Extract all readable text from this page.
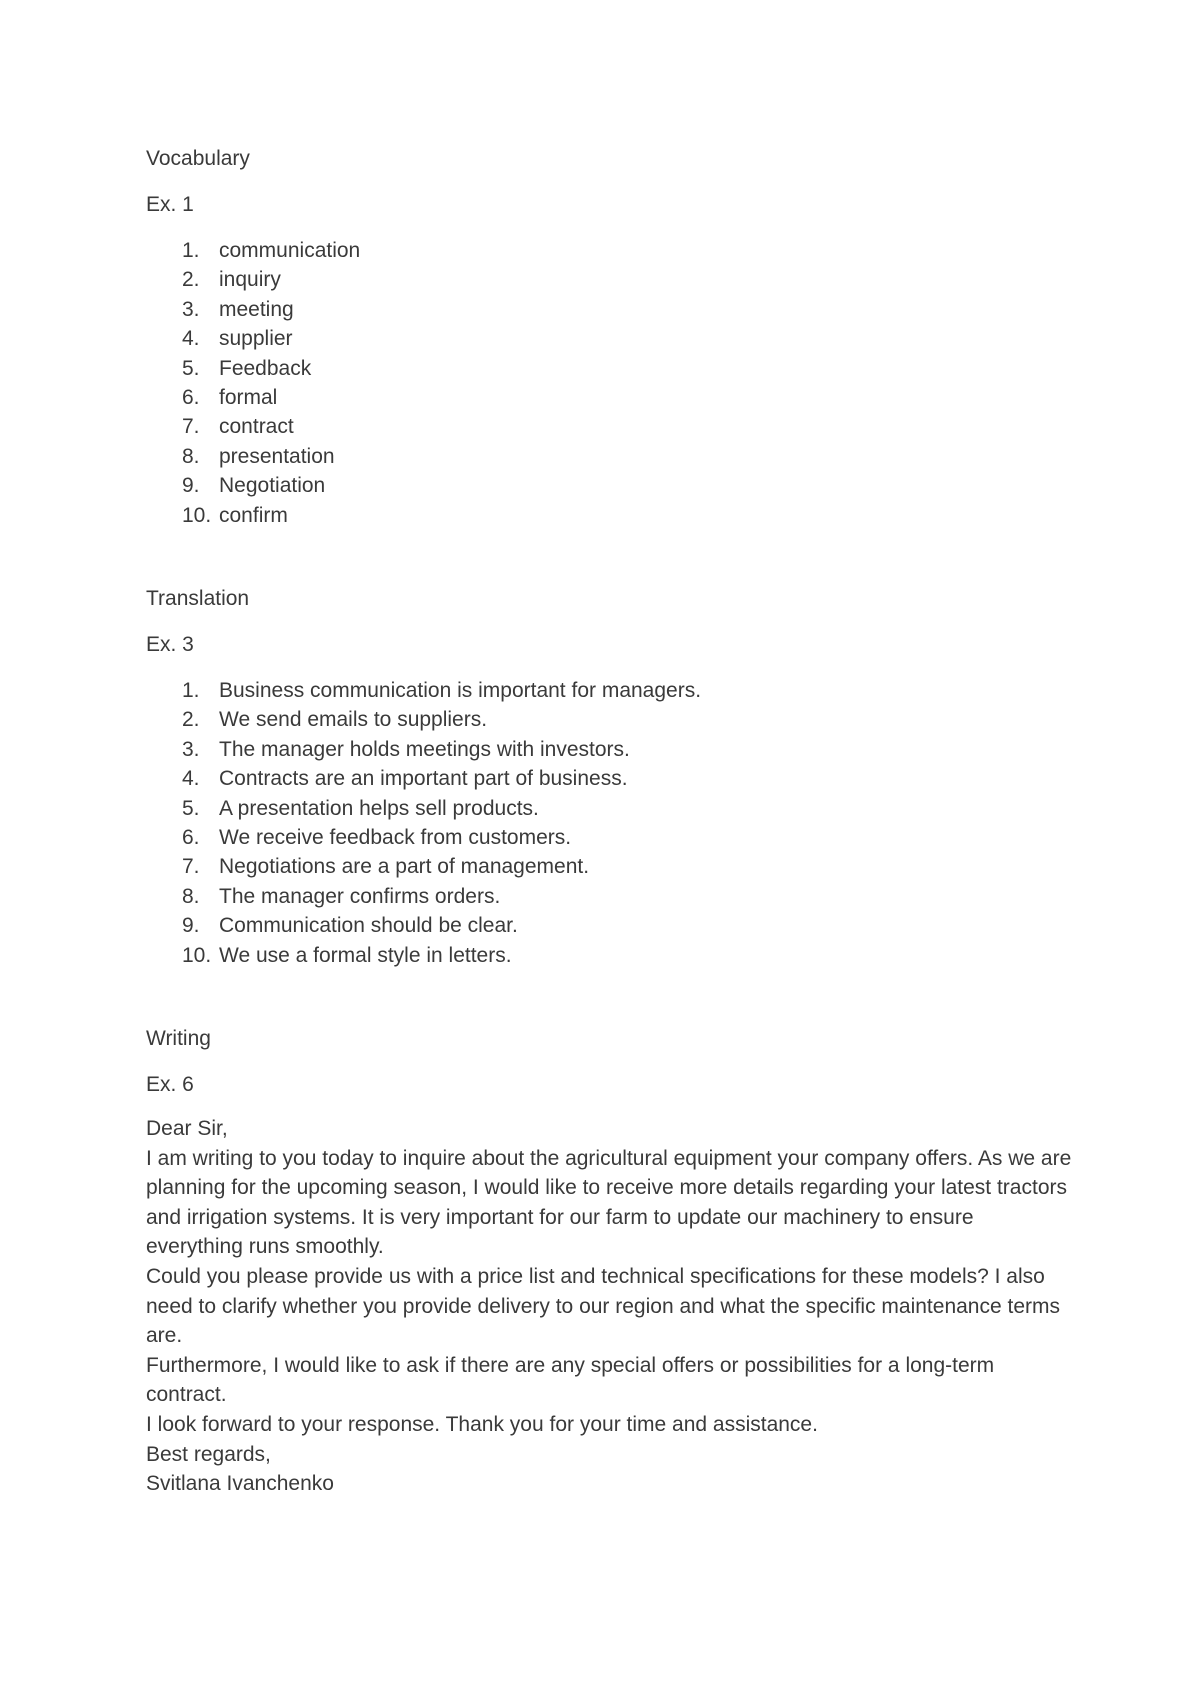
Vocabulary
Ex. 1
1. communication
2. inquiry
3. meeting
4. supplier
5. Feedback
6. formal
7. contract
8. presentation
9. Negotiation
10. confirm
Translation
Ex. 3
1. Business communication is important for managers.
2. We send emails to suppliers.
3. The manager holds meetings with investors.
4. Contracts are an important part of business.
5. A presentation helps sell products.
6. We receive feedback from customers.
7. Negotiations are a part of management.
8. The manager confirms orders.
9. Communication should be clear.
10. We use a formal style in letters.
Writing
Ex. 6

Dear Sir,

I am writing to you today to inquire about the agricultural equipment your company offers. As we are planning for the upcoming season, I would like to receive more details regarding your latest tractors and irrigation systems. It is very important for our farm to update our machinery to ensure everything runs smoothly.

Could you please provide us with a price list and technical specifications for these models? I also need to clarify whether you provide delivery to our region and what the specific maintenance terms are.

Furthermore, I would like to ask if there are any special offers or possibilities for a long-term contract.

I look forward to your response. Thank you for your time and assistance.

Best regards,

Svitlana Ivanchenko
